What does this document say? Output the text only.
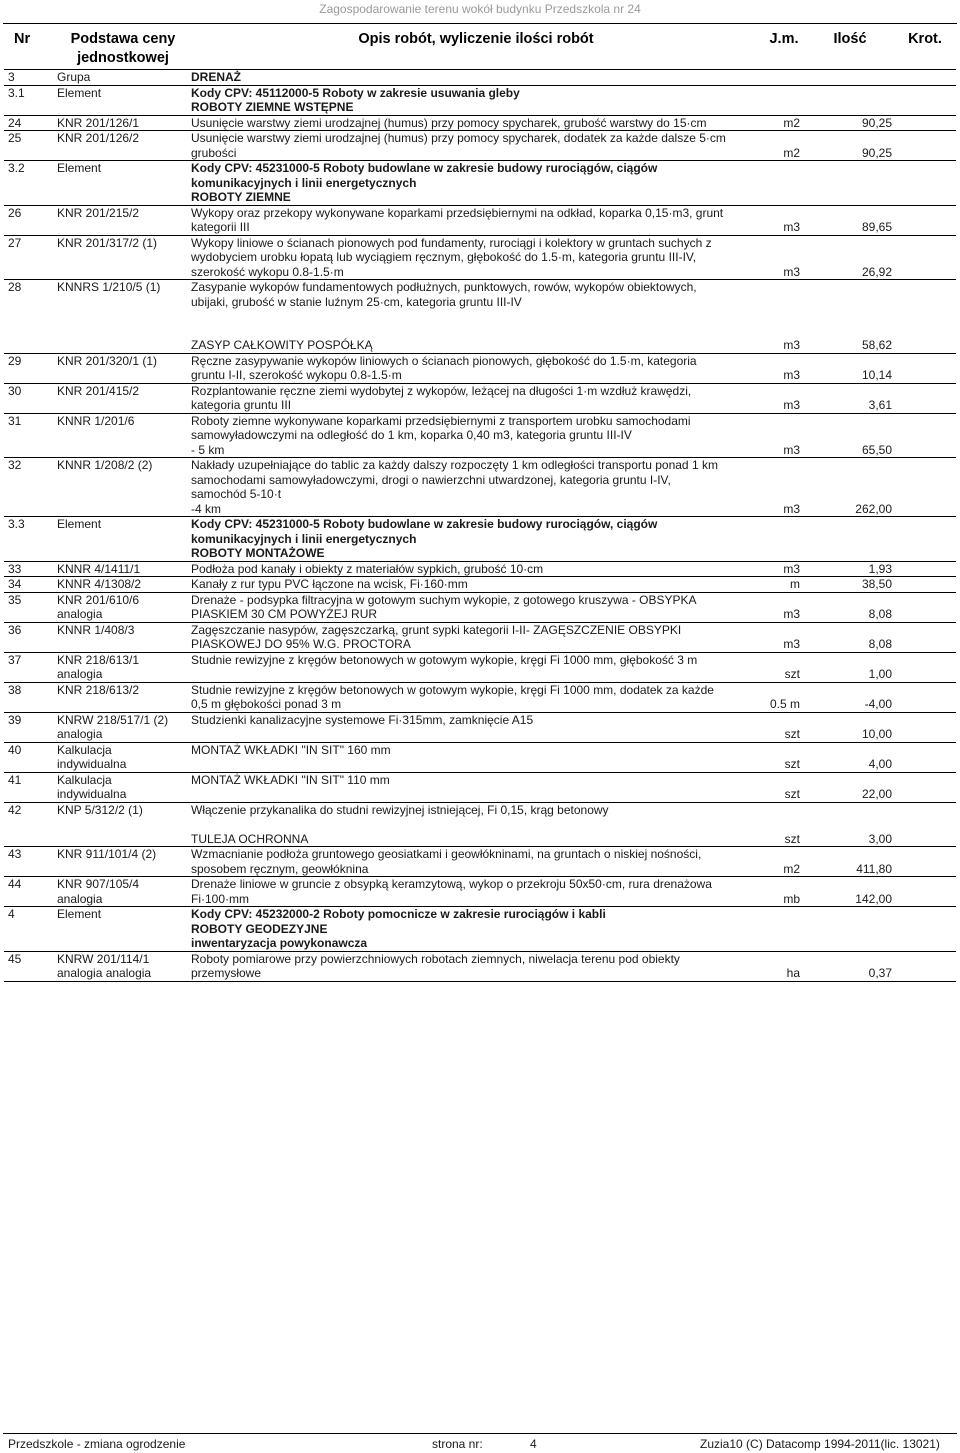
Zagospodarowanie terenu wokół budynku Przedszkola nr 24
Nr	Podstawa ceny jednostkowej	Opis robót, wyliczenie ilości robót	J.m.	Ilość	Krot.
3	Grupa	DRENAŻ			
3.1	Element	Kody CPV: 45112000-5 Roboty w zakresie usuwania gleby
ROBOTY ZIEMNE WSTĘPNE			
24	KNR 201/126/1	Usunięcie warstwy ziemi urodzajnej (humus) przy pomocy spycharek, grubość warstwy do 15·cm	m2	90,25	
25	KNR 201/126/2	Usunięcie warstwy ziemi urodzajnej (humus) przy pomocy spycharek, dodatek za każde dalsze 5·cm
grubości	m2	90,25	
3.2	Element	Kody CPV: 45231000-5 Roboty budowlane w zakresie budowy rurociągów, ciągów
komunikacyjnych i linii energetycznych
ROBOTY ZIEMNE			
26	KNR 201/215/2	Wykopy oraz przekopy wykonywane koparkami przedsiębiernymi na odkład, koparka 0,15·m3, grunt
kategorii III	m3	89,65	
27	KNR 201/317/2 (1)	Wykopy liniowe o ścianach pionowych pod fundamenty, rurociągi i kolektory w gruntach suchych z
wydobyciem urobku łopatą lub wyciągiem ręcznym, głębokość do 1.5·m, kategoria gruntu III-IV,
szerokość wykopu 0.8-1.5·m	m3	26,92	
28	KNNRS 1/210/5 (1)	Zasypanie wykopów fundamentowych podłużnych, punktowych, rowów, wykopów obiektowych,
ubijaki, grubość w stanie luźnym 25·cm, kategoria gruntu III-IV

ZASYP CAŁKOWITY POSPÓŁKĄ	m3	58,62	
29	KNR 201/320/1 (1)	Ręczne zasypywanie wykopów liniowych o ścianach pionowych, głębokość do 1.5·m, kategoria
gruntu I-II, szerokość wykopu 0.8-1.5·m	m3	10,14	
30	KNR 201/415/2	Rozplantowanie ręczne ziemi wydobytej z wykopów, leżącej na długości 1·m wzdłuż krawędzi,
kategoria gruntu III	m3	3,61	
31	KNNR 1/201/6	Roboty ziemne wykonywane koparkami przedsiębiernymi z transportem urobku samochodami
samowyładowczymi na odległość do 1 km, koparka 0,40 m3, kategoria gruntu III-IV
- 5 km	m3	65,50	
32	KNNR 1/208/2 (2)	Nakłady uzupełniające do tablic za każdy dalszy rozpoczęty 1 km odległości transportu ponad 1 km
samochodami samowyładowczymi, drogi o nawierzchni utwardzonej, kategoria gruntu I-IV,
samochód 5-10·t
-4 km	m3	262,00	
3.3	Element	Kody CPV: 45231000-5 Roboty budowlane w zakresie budowy rurociągów, ciągów
komunikacyjnych i linii energetycznych
ROBOTY MONTAŻOWE			
33	KNNR 4/1411/1	Podłoża pod kanały i obiekty z materiałów sypkich, grubość 10·cm	m3	1,93	
34	KNNR 4/1308/2	Kanały z rur typu PVC łączone na wcisk, Fi·160·mm	m	38,50	
35	KNR 201/610/6
analogia	Drenaże - podsypka filtracyjna w gotowym suchym wykopie, z gotowego kruszywa - OBSYPKA
PIASKIEM 30 CM POWYŻEJ RUR	m3	8,08	
36	KNNR 1/408/3	Zagęszczanie nasypów, zagęszczarką, grunt sypki kategorii I-II- ZAGĘSZCZENIE OBSYPKI
PIASKOWEJ DO 95% W.G. PROCTORA	m3	8,08	
37	KNR 218/613/1
analogia	Studnie rewizyjne z kręgów betonowych w gotowym wykopie, kręgi Fi 1000 mm, głębokość 3 m	szt	1,00	
38	KNR 218/613/2	Studnie rewizyjne z kręgów betonowych w gotowym wykopie, kręgi Fi 1000 mm, dodatek za każde
0,5 m głębokości ponad 3 m	0.5 m	-4,00	
39	KNRW 218/517/1 (2)
analogia	Studzienki kanalizacyjne systemowe Fi·315mm, zamknięcie A15	szt	10,00	
40	Kalkulacja
indywidualna	MONTAŻ WKŁADKI "IN SIT" 160 mm	szt	4,00	
41	Kalkulacja
indywidualna	MONTAŻ WKŁADKI "IN SIT" 110 mm	szt	22,00	
42	KNP 5/312/2 (1)	Włączenie przykanalika do studni rewizyjnej istniejącej, Fi 0,15, krąg betonowy

TULEJA OCHRONNA	szt	3,00	
43	KNR 911/101/4 (2)	Wzmacnianie podłoża gruntowego geosiatkami i geowłókninami, na gruntach o niskiej nośności,
sposobem ręcznym, geowłóknina	m2	411,80	
44	KNR 907/105/4
analogia	Drenaże liniowe w gruncie z obsypką keramzytową, wykop o przekroju 50x50·cm, rura drenażowa
Fi·100·mm	mb	142,00	
4	Element	Kody CPV: 45232000-2 Roboty pomocnicze w zakresie rurociągów i kabli
ROBOTY GEODEZYJNE
inwentaryzacja powykonawcza			
45	KNRW 201/114/1
analogia analogia	Roboty pomiarowe przy powierzchniowych robotach ziemnych, niwelacja terenu pod obiekty
przemysłowe	ha	0,37	
Przedszkole - zmiana ogrodzenie	strona nr:	4	Zuzia10 (C) Datacomp 1994-2011(lic. 13021)
